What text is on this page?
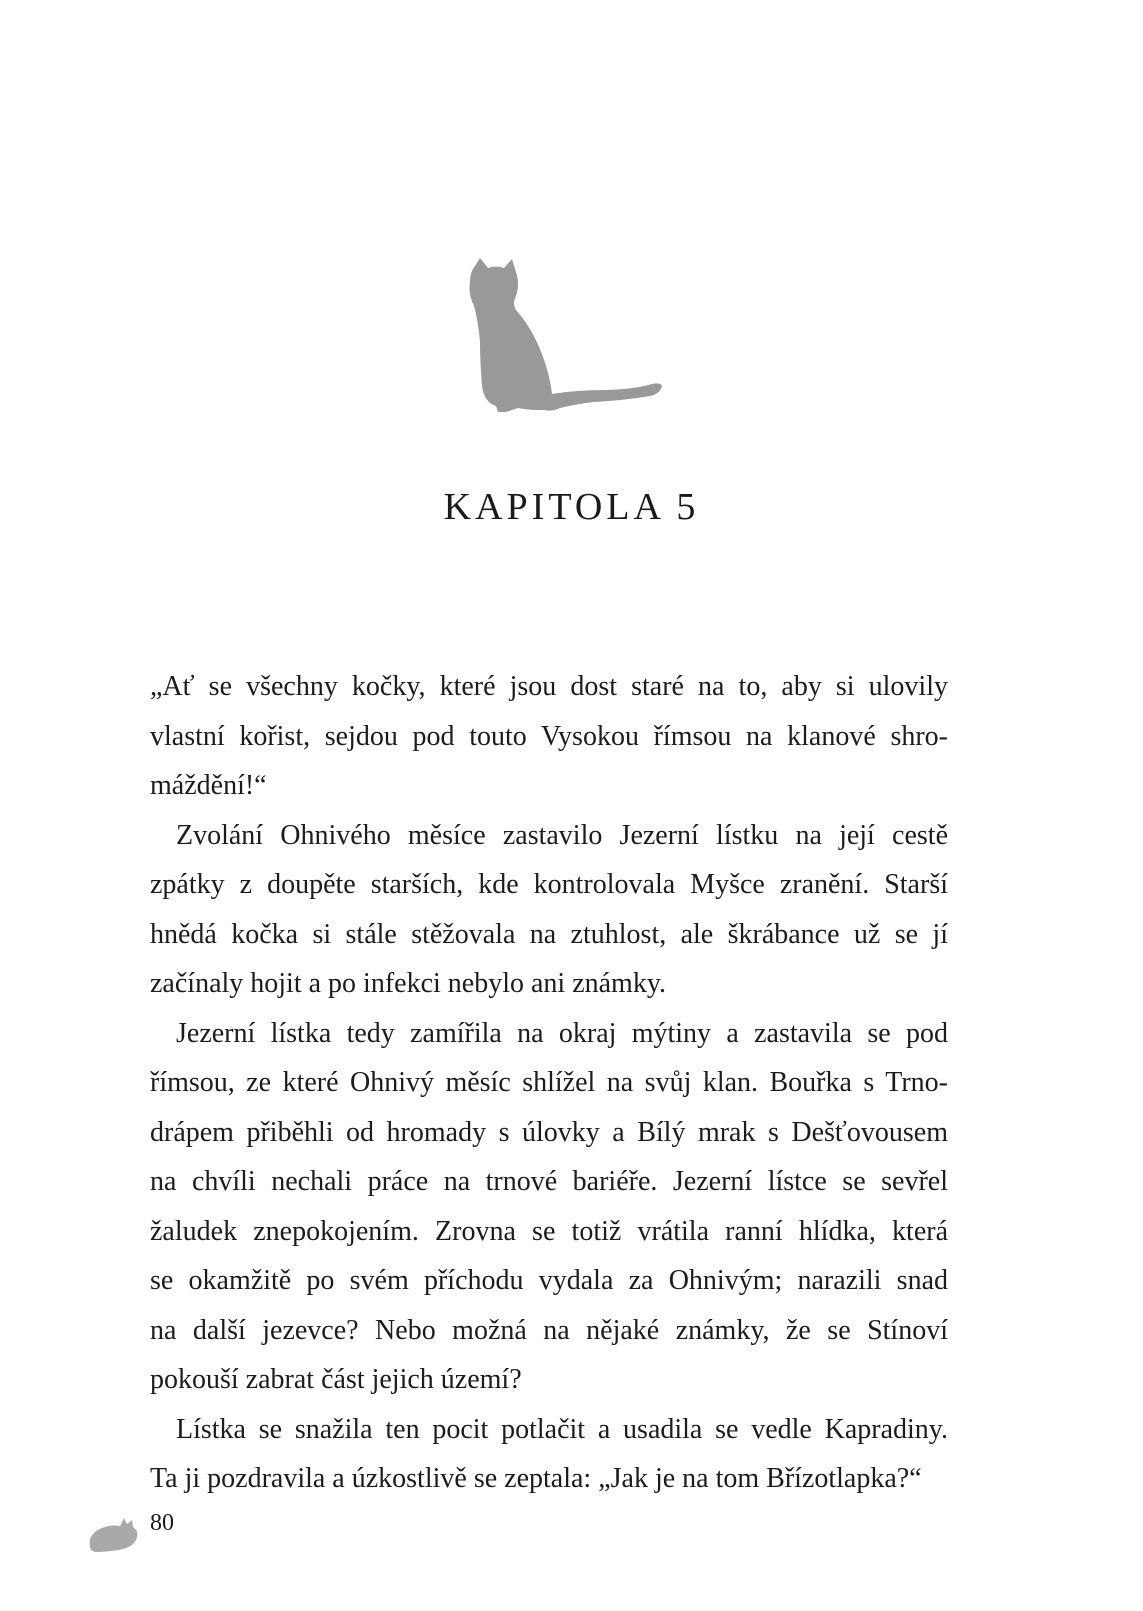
KAPITOLA 5
„Ať se všechny kočky, které jsou dost staré na to, aby si ulovily
vlastní kořist, sejdou pod touto Vysokou římsou na klanové shro-
máždění!“
Zvolání Ohnivého měsíce zastavilo Jezerní lístku na její cestě
zpátky z doupěte starších, kde kontrolovala Myšce zranění. Starší
hnědá kočka si stále stěžovala na ztuhlost, ale škrábance už se jí
začínaly hojit a po infekci nebylo ani známky.
Jezerní lístka tedy zamířila na okraj mýtiny a zastavila se pod
římsou, ze které Ohnivý měsíc shlížel na svůj klan. Bouřka s Trno-
drápem přiběhli od hromady s úlovky a Bílý mrak s Dešťovousem
na chvíli nechali práce na trnové bariéře. Jezerní lístce se sevřel
žaludek znepokojením. Zrovna se totiž vrátila ranní hlídka, která
se okamžitě po svém příchodu vydala za Ohnivým; narazili snad
na další jezevce? Nebo možná na nějaké známky, že se Stínoví
pokouší zabrat část jejich území?
Lístka se snažila ten pocit potlačit a usadila se vedle Kapradiny.
Ta ji pozdravila a úzkostlivě se zeptala: „Jak je na tom Břízotlapka?“
80
